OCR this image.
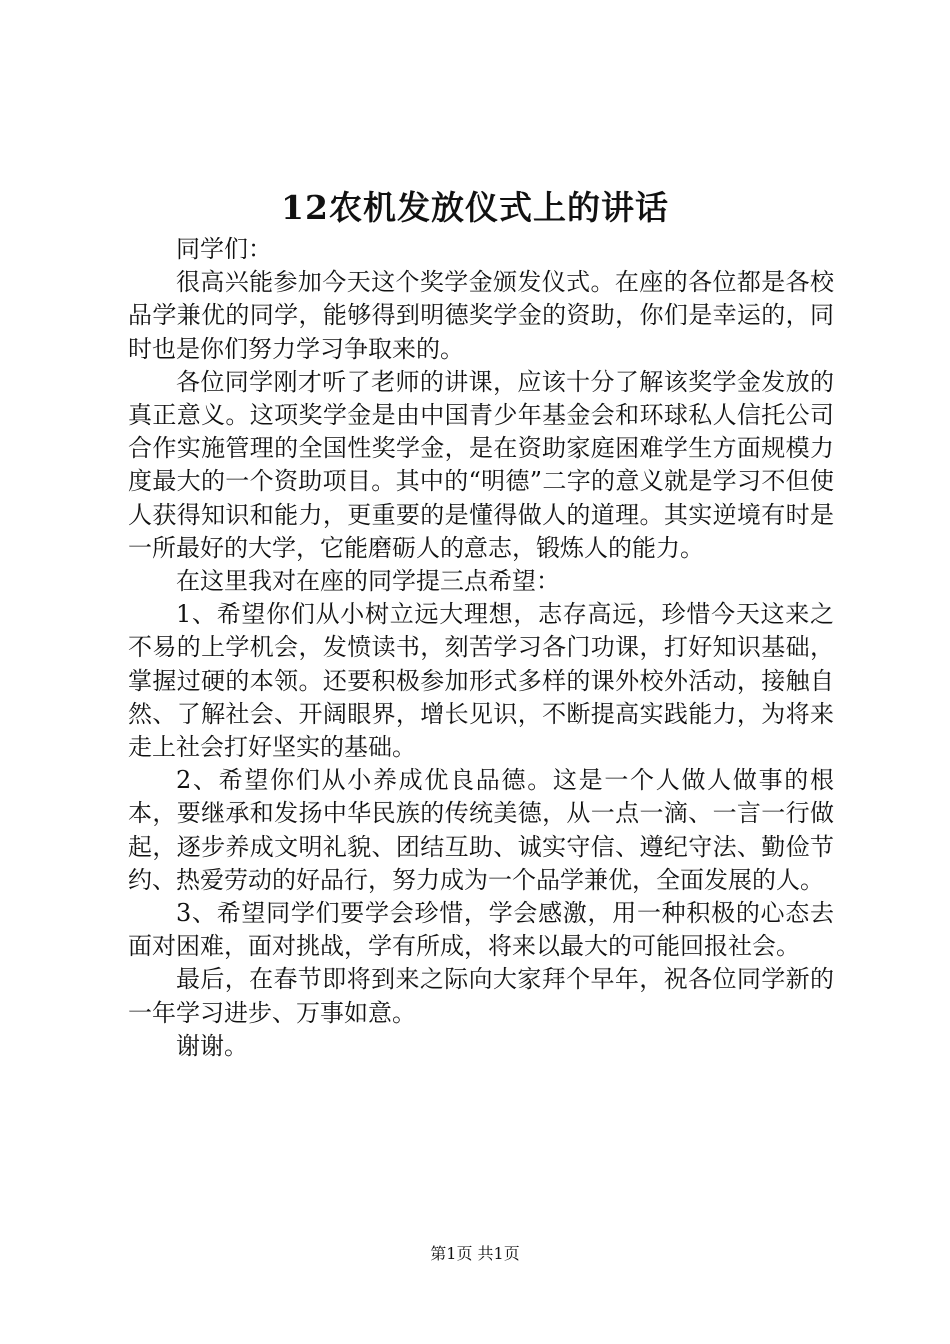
12农机发放仪式上的讲话

同学们：

很高兴能参加今天这个奖学金颁发仪式。在座的各位都是各校品学兼优的同学，能够得到明德奖学金的资助，你们是幸运的，同时也是你们努力学习争取来的。

各位同学刚才听了老师的讲课，应该十分了解该奖学金发放的真正意义。这项奖学金是由中国青少年基金会和环球私人信托公司合作实施管理的全国性奖学金，是在资助家庭困难学生方面规模力度最大的一个资助项目。其中的“明德”二字的意义就是学习不但使人获得知识和能力，更重要的是懂得做人的道理。其实逆境有时是一所最好的大学，它能磨砺人的意志，锻炼人的能力。

在这里我对在座的同学提三点希望：

1、希望你们从小树立远大理想，志存高远，珍惜今天这来之不易的上学机会，发愤读书，刻苦学习各门功课，打好知识基础，掌握过硬的本领。还要积极参加形式多样的课外校外活动，接触自然、了解社会、开阔眼界，增长见识，不断提高实践能力，为将来走上社会打好坚实的基础。

2、希望你们从小养成优良品德。这是一个人做人做事的根本，要继承和发扬中华民族的传统美德，从一点一滴、一言一行做起，逐步养成文明礼貌、团结互助、诚实守信、遵纪守法、勤俭节约、热爱劳动的好品行，努力成为一个品学兼优，全面发展的人。

3、希望同学们要学会珍惜，学会感激，用一种积极的心态去面对困难，面对挑战，学有所成，将来以最大的可能回报社会。

最后，在春节即将到来之际向大家拜个早年，祝各位同学新的一年学习进步、万事如意。

谢谢。

第1页 共1页
